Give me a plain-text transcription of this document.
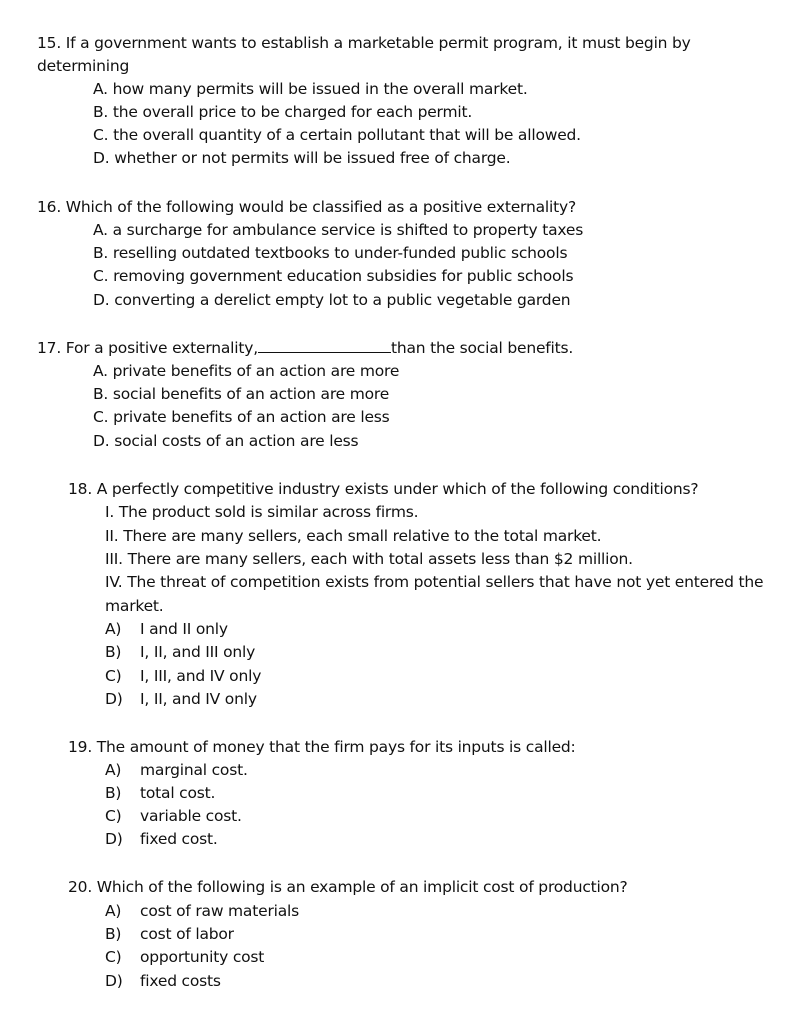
15. If a government wants to establish a marketable permit program, it must begin by
determining
A. how many permits will be issued in the overall market.
B. the overall price to be charged for each permit.
C. the overall quantity of a certain pollutant that will be allowed.
D. whether or not permits will be issued free of charge.
16. Which of the following would be classified as a positive externality?
A. a surcharge for ambulance service is shifted to property taxes
B. reselling outdated textbooks to under-funded public schools
C. removing government education subsidies for public schools
D. converting a derelict empty lot to a public vegetable garden
17. For a positive externality,	than the social benefits.
A. private benefits of an action are more
B. social benefits of an action are more
C. private benefits of an action are less
D. social costs of an action are less
18. A perfectly competitive industry exists under which of the following conditions?
I. The product sold is similar across firms.
II. There are many sellers, each small relative to the total market.
III. There are many sellers, each with total assets less than $2 million.
IV. The threat of competition exists from potential sellers that have not yet entered the
market.
A) I and II only
B) I, II, and III only
C) I, III, and IV only
D) I, II, and IV only
19. The amount of money that the firm pays for its inputs is called:
A) marginal cost.
B) total cost.
C) variable cost.
D) fixed cost.
20. Which of the following is an example of an implicit cost of production?
A) cost of raw materials
B) cost of labor
C) opportunity cost
D) fixed costs
